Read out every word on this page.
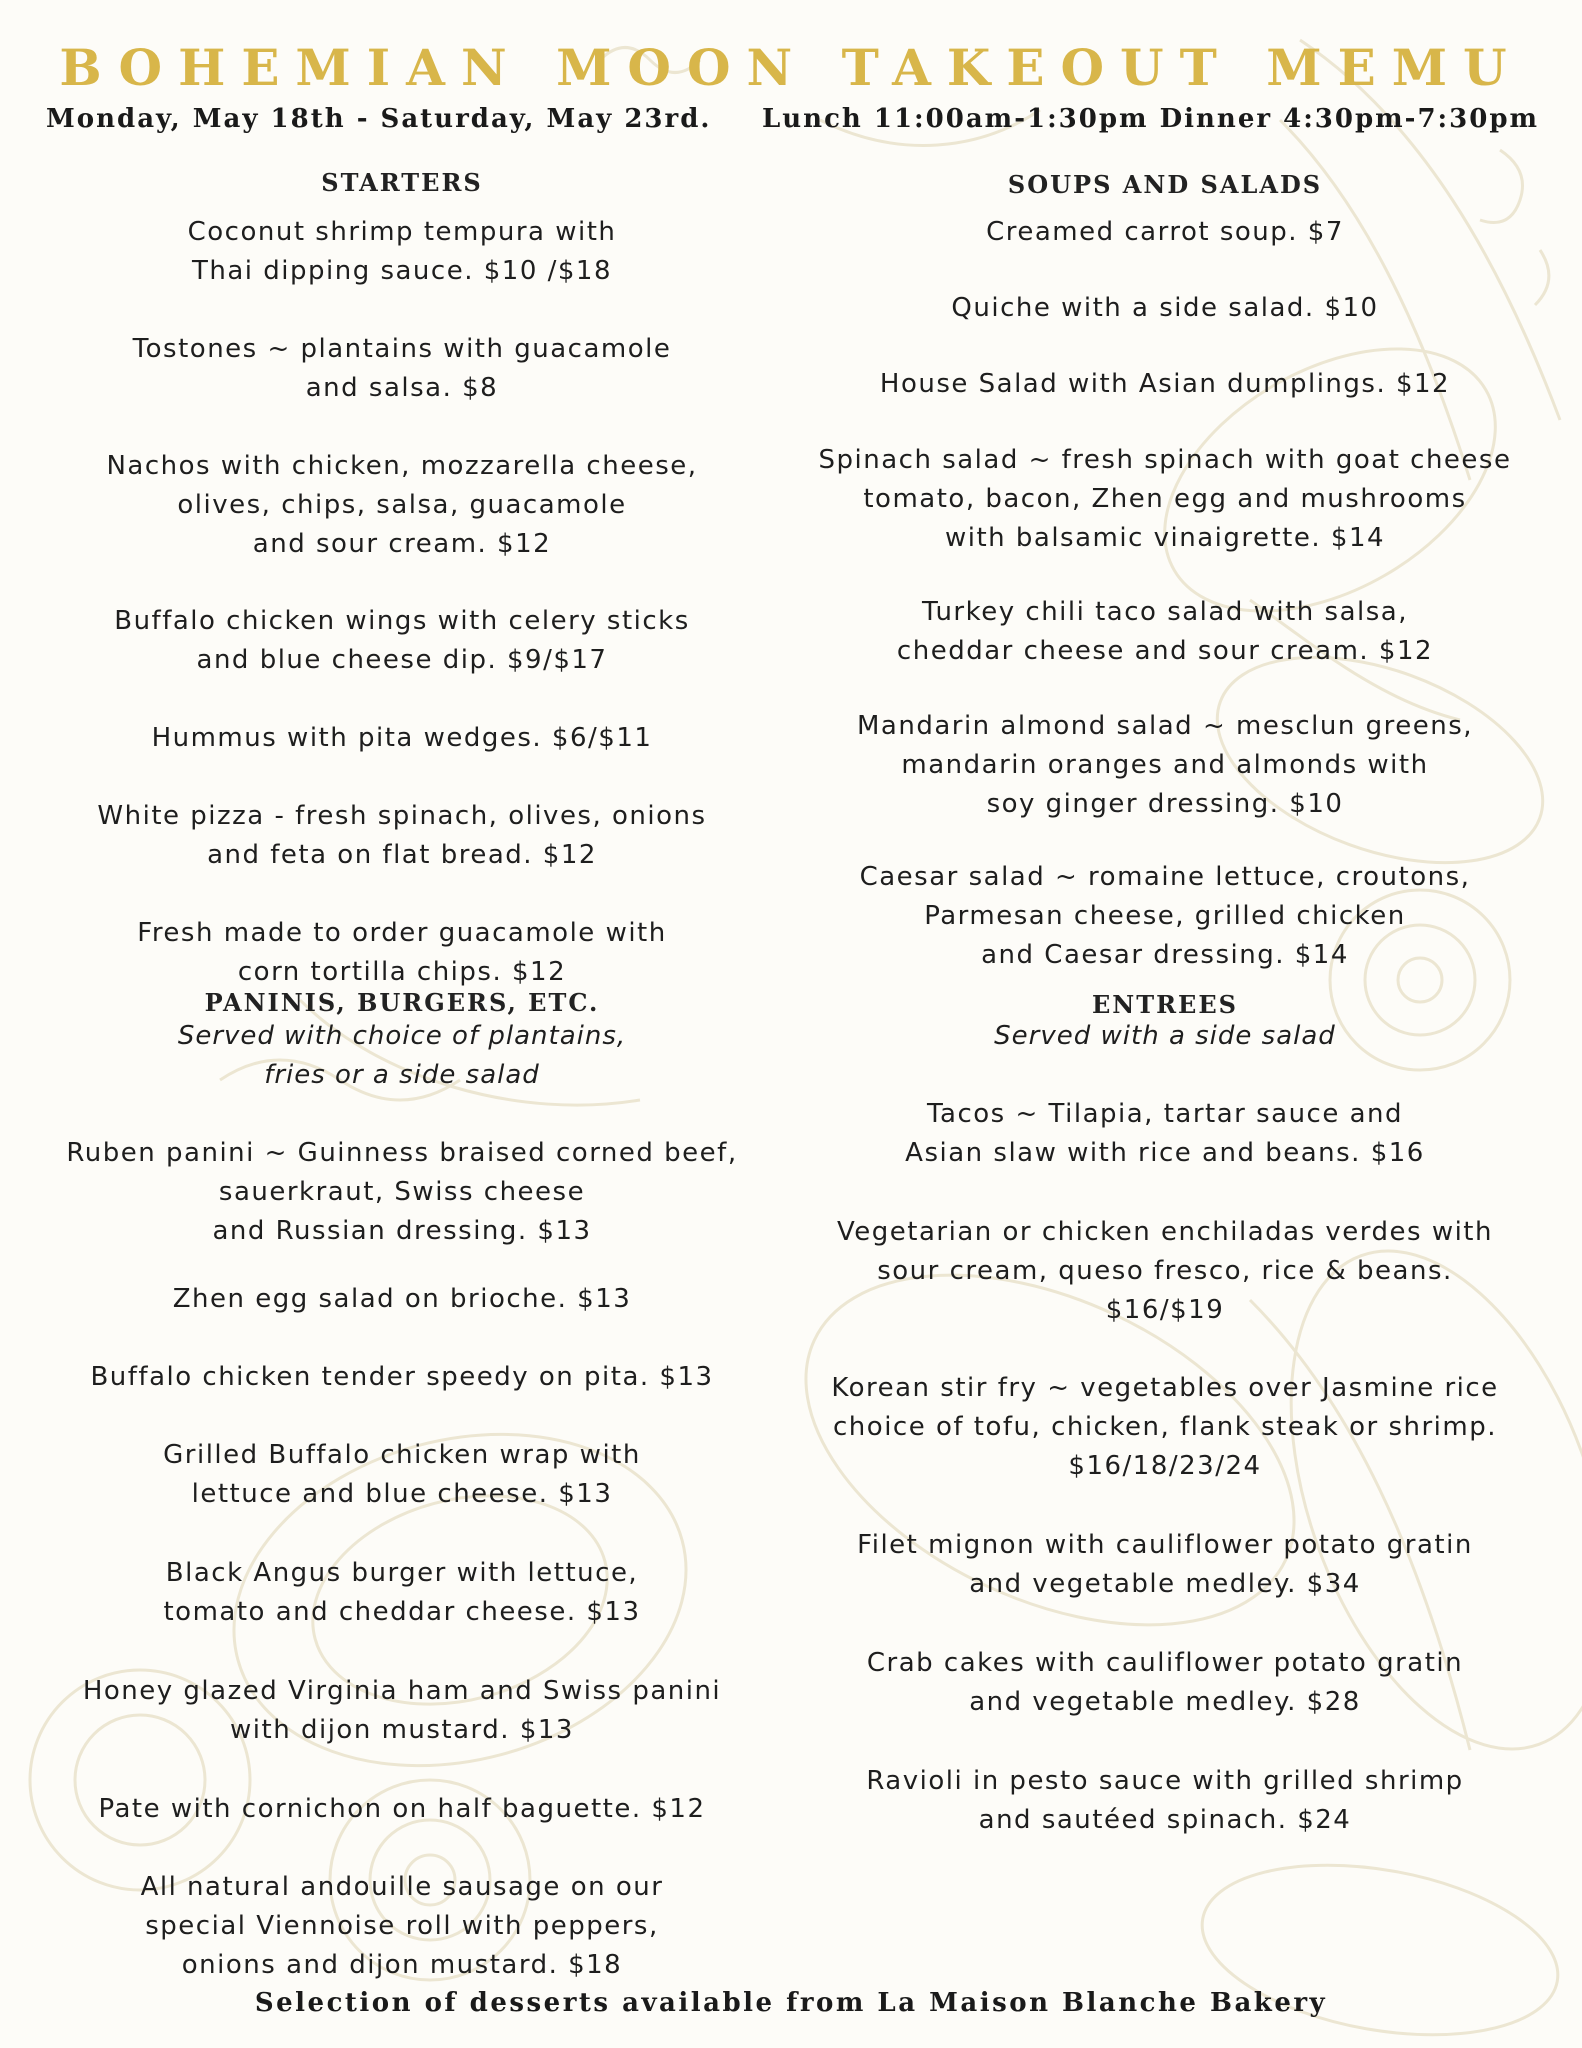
BOHEMIAN MOON TAKEOUT MEMU
Monday, May 18th - Saturday, May 23rd. Lunch 11:00am-1:30pm Dinner 4:30pm-7:30pm
STARTERS
Coconut shrimp tempura with
Thai dipping sauce. $10 /$18
Tostones ~ plantains with guacamole
and salsa. $8
Nachos with chicken, mozzarella cheese,
olives, chips, salsa, guacamole
and sour cream. $12
Buffalo chicken wings with celery sticks
and blue cheese dip. $9/$17
Hummus with pita wedges. $6/$11
White pizza - fresh spinach, olives, onions
and feta on flat bread. $12
Fresh made to order guacamole with
corn tortilla chips. $12
PANINIS, BURGERS, ETC.
Served with choice of plantains,
fries or a side salad
Ruben panini ~ Guinness braised corned beef,
sauerkraut, Swiss cheese
and Russian dressing. $13
Zhen egg salad on brioche. $13
Buffalo chicken tender speedy on pita. $13
Grilled Buffalo chicken wrap with
lettuce and blue cheese. $13
Black Angus burger with lettuce,
tomato and cheddar cheese. $13
Honey glazed Virginia ham and Swiss panini
with dijon mustard. $13
Pate with cornichon on half baguette. $12
All natural andouille sausage on our
special Viennoise roll with peppers,
onions and dijon mustard. $18
SOUPS AND SALADS
Creamed carrot soup. $7
Quiche with a side salad. $10
House Salad with Asian dumplings. $12
Spinach salad ~ fresh spinach with goat cheese
tomato, bacon, Zhen egg and mushrooms
with balsamic vinaigrette. $14
Turkey chili taco salad with salsa,
cheddar cheese and sour cream. $12
Mandarin almond salad ~ mesclun greens,
mandarin oranges and almonds with
soy ginger dressing. $10
Caesar salad ~ romaine lettuce, croutons,
Parmesan cheese, grilled chicken
and Caesar dressing. $14
ENTREES
Served with a side salad
Tacos ~ Tilapia, tartar sauce and
Asian slaw with rice and beans. $16
Vegetarian or chicken enchiladas verdes with
sour cream, queso fresco, rice & beans.
$16/$19
Korean stir fry ~ vegetables over Jasmine rice
choice of tofu, chicken, flank steak or shrimp.
$16/18/23/24
Filet mignon with cauliflower potato gratin
and vegetable medley. $34
Crab cakes with cauliflower potato gratin
and vegetable medley. $28
Ravioli in pesto sauce with grilled shrimp
and sautéed spinach. $24
Selection of desserts available from La Maison Blanche Bakery
